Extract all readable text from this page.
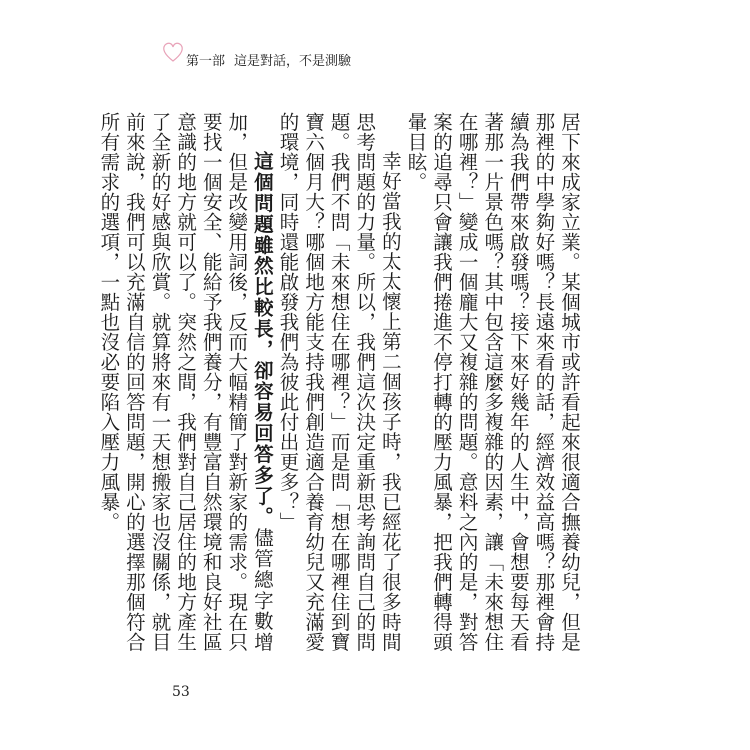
第一部 這是對話，不是測驗

居下來成家立業。某個城市或許看起來很適合撫養幼兒，但是那裡的中學夠好嗎？長遠來看的話，經濟效益高嗎？那裡會持續為我們帶來啟發嗎？接下來好幾年的人生中，會想要每天看著那一片景色嗎？其中包含這麼多複雜的因素，讓「未來想住在哪裡？」變成一個龐大又複雜的問題。意料之內的是，對答案的追尋只會讓我們捲進不停打轉的壓力風暴，把我們轉得頭暈目眩。

幸好當我的太太懷上第二個孩子時，我已經花了很多時間思考問題的力量。所以，我們這次決定重新思考詢問自己的問題。我們不問「未來想住在哪裡？」而是問「想在哪裡住到寶寶六個月大？哪個地方能支持我們創造適合養育幼兒又充滿愛的環境，同時還能啟發我們為彼此付出更多？」

這個問題雖然比較長，卻容易回答多了。儘管總字數增加，但是改變用詞後，反而大幅精簡了對新家的需求。現在只要找一個安全、能給予我們養分，有豐富自然環境和良好社區意識的地方就可以了。突然之間，我們對自己居住的地方產生了全新的好感與欣賞。就算將來有一天想搬家也沒關係，就目前來說，我們可以充滿自信的回答問題，開心的選擇那個符合所有需求的選項，一點也沒必要陷入壓力風暴。

53
